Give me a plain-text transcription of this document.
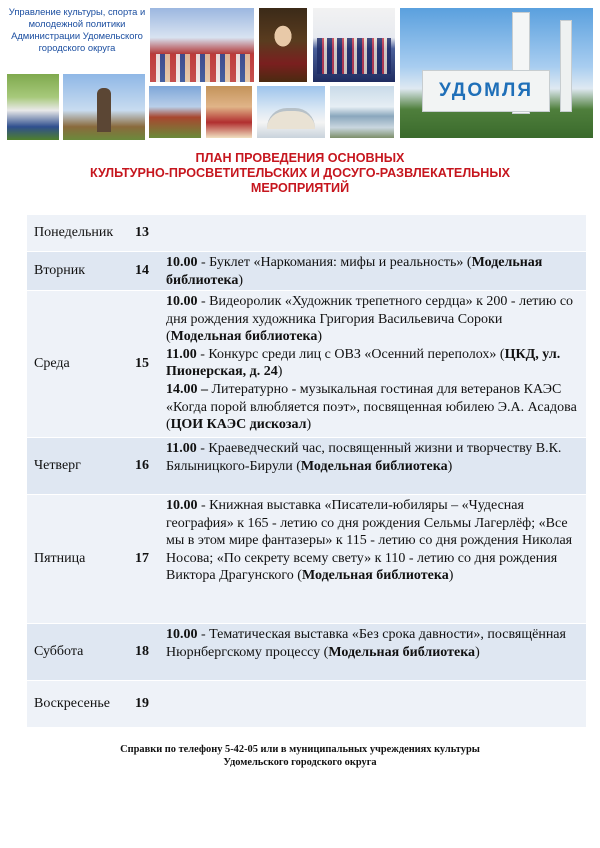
Управление культуры, спорта и
молодежной политики
Администрации Удомельского
городского округа
УДОМЛЯ
ПЛАН ПРОВЕДЕНИЯ ОСНОВНЫХ
КУЛЬТУРНО-ПРОСВЕТИТЕЛЬСКИХ И ДОСУГО-РАЗВЛЕКАТЕЛЬНЫХ
МЕРОПРИЯТИЙ
Понедельник	13
Вторник	14

10.00 - Буклет «Наркомания: мифы и реальность» (Модельная библиотека)

Среда	15

10.00 - Видеоролик «Художник трепетного сердца» к 200 - летию со дня рождения художника Григория Васильевича Сороки (Модельная библиотека)

11.00 - Конкурс среди лиц с ОВЗ «Осенний переполох» (ЦКД, ул. Пионерская, д. 24)

14.00 – Литературно - музыкальная гостиная для ветеранов КАЭС «Когда порой влюбляется поэт», посвященная юбилею Э.А. Асадова (ЦОИ КАЭС дискозал)

Четверг	16

11.00 - Краеведческий час, посвященный жизни и творчеству В.К. Бялыницкого-Бирули (Модельная библиотека)

Пятница	17

10.00 - Книжная выставка «Писатели-юбиляры – «Чудесная география» к 165 - летию со дня рождения Сельмы Лагерлёф; «Все мы в этом мире фантазеры» к 115 - летию со дня рождения Николая Носова; «По секрету всему свету» к 110 - летию со дня рождения Виктора Драгунского (Модельная библиотека)

Суббота	18

10.00 - Тематическая выставка «Без срока давности», посвящённая Нюрнбергскому процессу (Модельная библиотека)

Воскресенье	19
Справки по телефону 5-42-05 или в муниципальных учреждениях культуры
Удомельского городского округа
